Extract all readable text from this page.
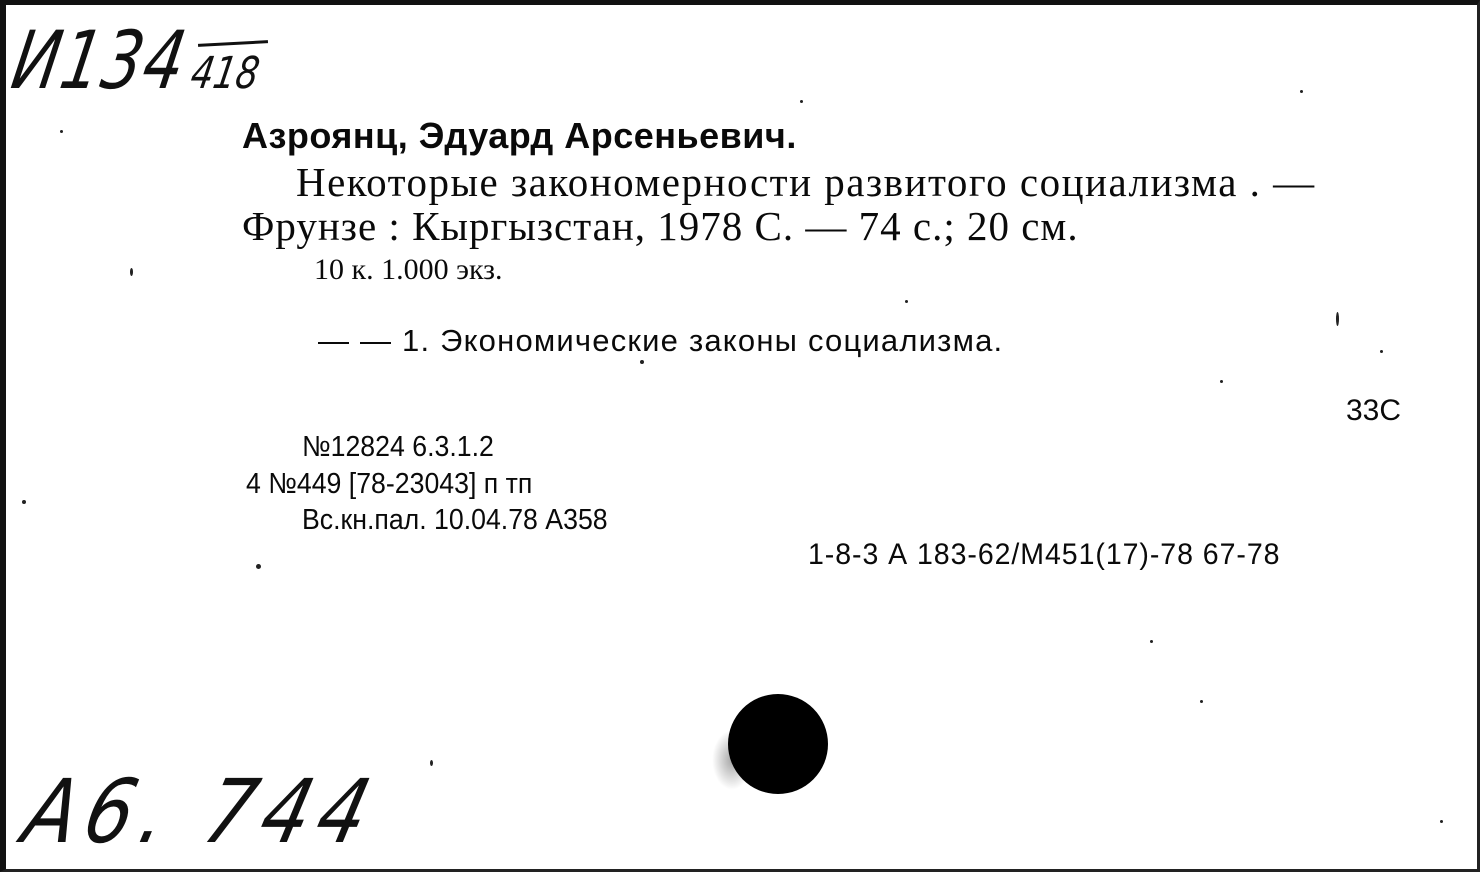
И134
418
Азроянц, Эдуард Арсеньевич.
Некоторые закономерности развитого социализма . —
Фрунзе : Кыргызстан, 1978 С. — 74 с.; 20 см.
10 к. 1.000 экз.
— — 1. Экономические законы социализма.
33С
№12824 6.3.1.2
4 №449 [78-23043] п тп
Вс.кн.пал. 10.04.78 А358
1-8-3 А 183-62/М451(17)-78 67-78
А6. 744
